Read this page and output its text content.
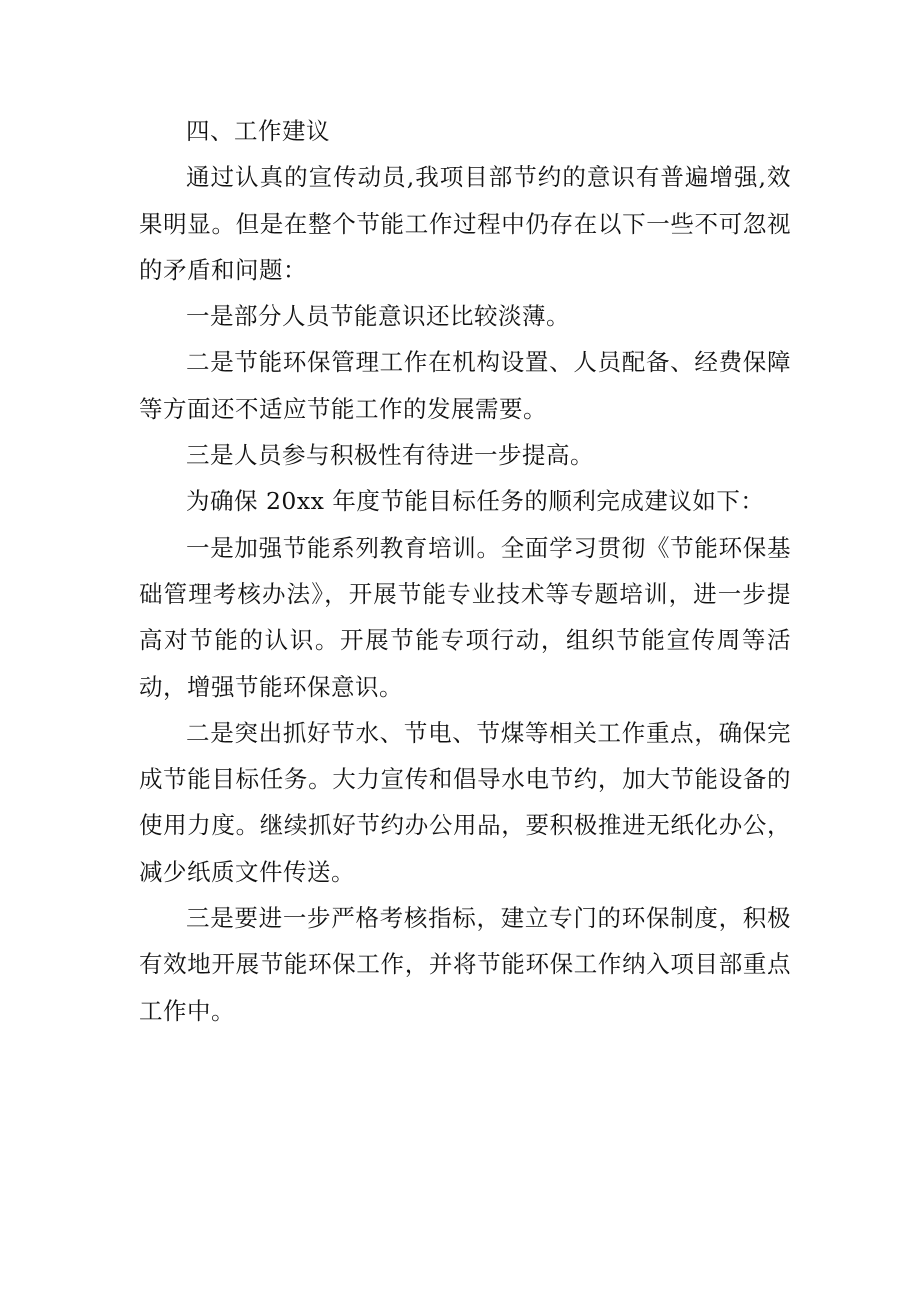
四、工作建议

通过认真的宣传动员,我项目部节约的意识有普遍增强,效果明显。但是在整个节能工作过程中仍存在以下一些不可忽视的矛盾和问题：

一是部分人员节能意识还比较淡薄。

二是节能环保管理工作在机构设置、人员配备、经费保障等方面还不适应节能工作的发展需要。

三是人员参与积极性有待进一步提高。

为确保 20xx 年度节能目标任务的顺利完成建议如下：

一是加强节能系列教育培训。全面学习贯彻《节能环保基础管理考核办法》，开展节能专业技术等专题培训，进一步提高对节能的认识。开展节能专项行动，组织节能宣传周等活动，增强节能环保意识。

二是突出抓好节水、节电、节煤等相关工作重点，确保完成节能目标任务。大力宣传和倡导水电节约，加大节能设备的使用力度。继续抓好节约办公用品，要积极推进无纸化办公，减少纸质文件传送。

三是要进一步严格考核指标，建立专门的环保制度，积极有效地开展节能环保工作，并将节能环保工作纳入项目部重点工作中。
